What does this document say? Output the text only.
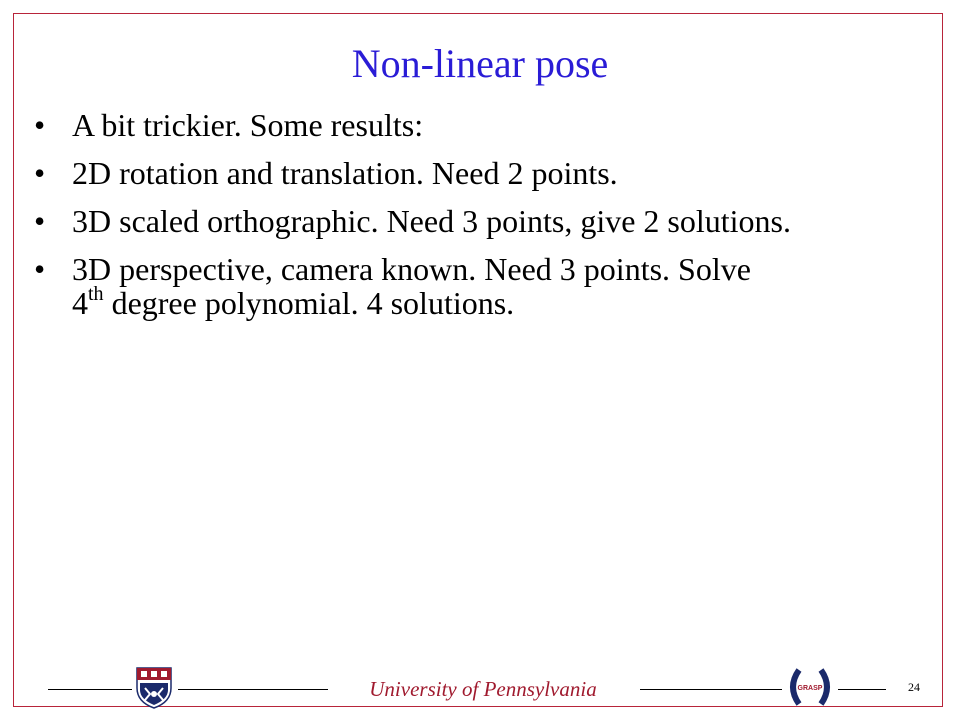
Non-linear pose
• A bit trickier. Some results:
• 2D rotation and translation. Need 2 points.
• 3D scaled orthographic. Need 3 points, give 2 solutions.
• 3D perspective, camera known. Need 3 points. Solve
4th degree polynomial. 4 solutions.
University of Pennsylvania	GRASP	24
